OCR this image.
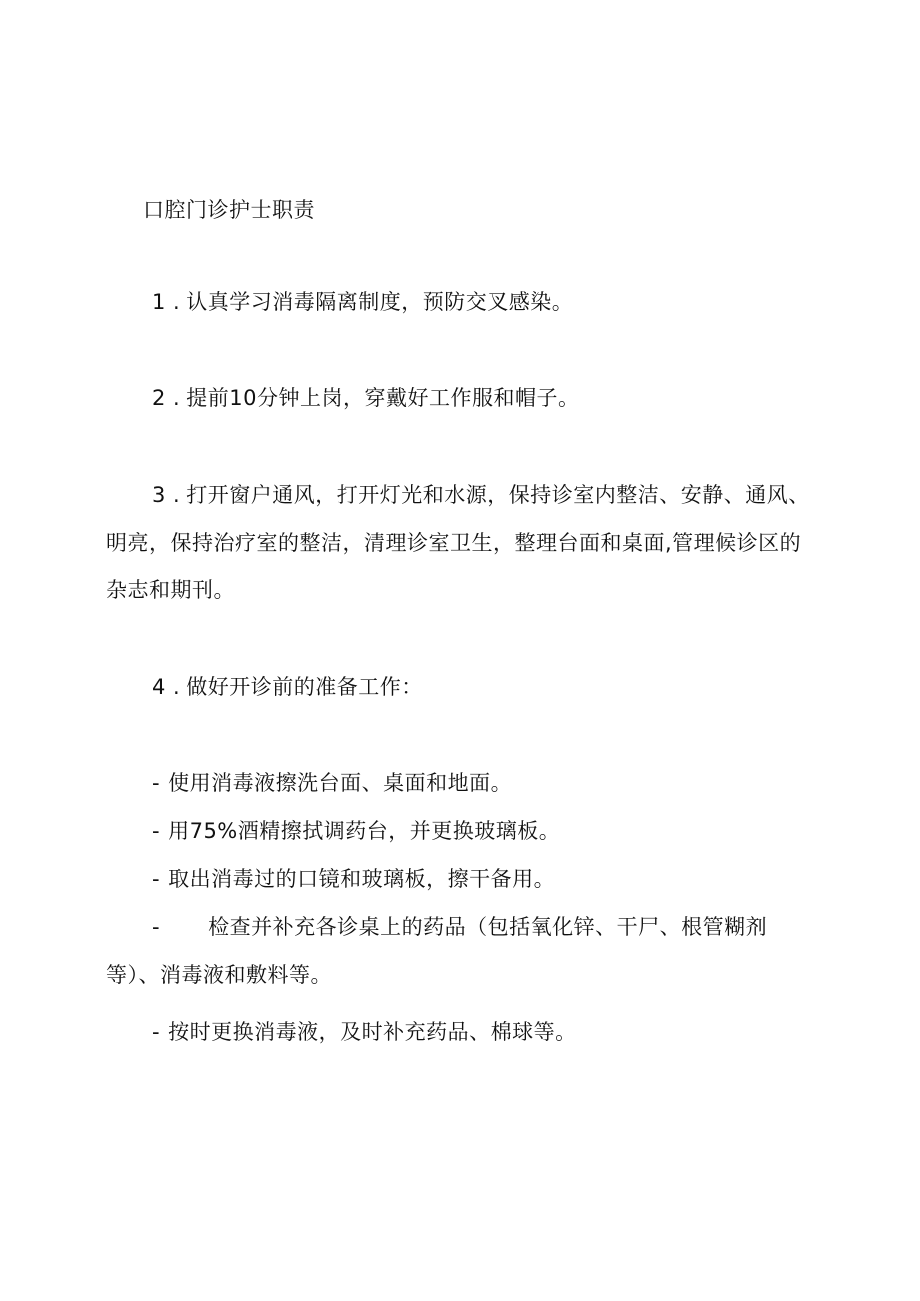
口腔门诊护士职责
1 . 认真学习消毒隔离制度，预防交叉感染。
2 . 提前10分钟上岗，穿戴好工作服和帽子。
3 . 打开窗户通风，打开灯光和水源，保持诊室内整洁、安静、通风、
明亮，保持治疗室的整洁，清理诊室卫生，整理台面和桌面,管理候诊区的
杂志和期刊。
4 . 做好开诊前的准备工作：
- 使用消毒液擦洗台面、桌面和地面。
- 用75%酒精擦拭调药台，并更换玻璃板。
- 取出消毒过的口镜和玻璃板，擦干备用。
- 检查并补充各诊桌上的药品（包括氧化锌、干尸、根管糊剂
等）、消毒液和敷料等。
- 按时更换消毒液，及时补充药品、棉球等。
